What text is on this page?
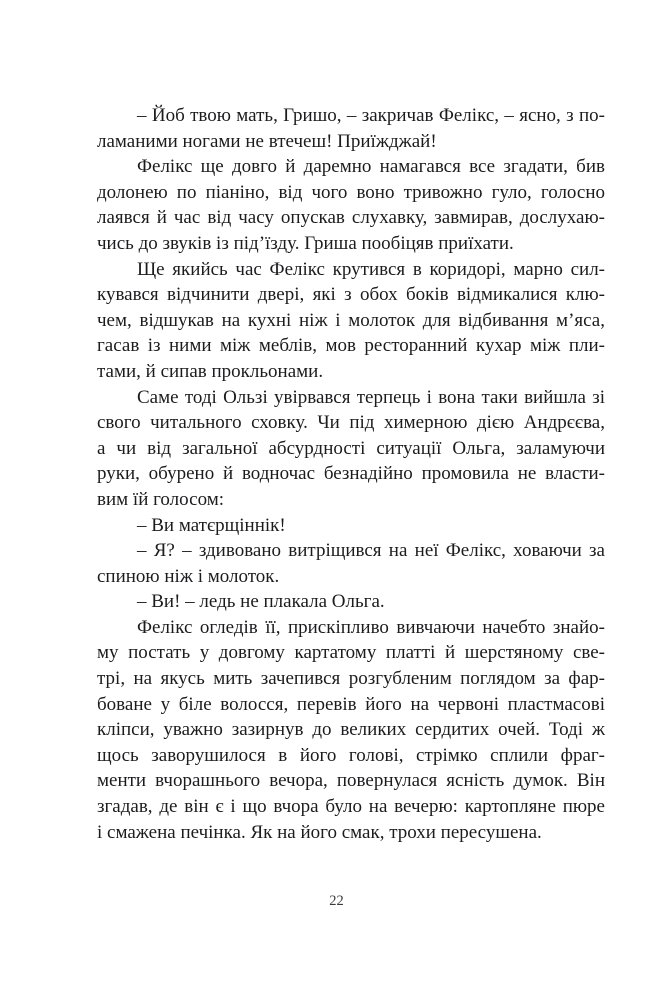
– Йоб твою мать, Гришо, – закричав Фелікс, – ясно, з по-
ламаними ногами не втечеш! Приїжджай!
Фелікс ще довго й даремно намагався все згадати, бив
долонею по піаніно, від чого воно тривожно гуло, голосно
лаявся й час від часу опускав слухавку, завмирав, дослухаю-
чись до звуків із під’їзду. Гриша пообіцяв приїхати.
Ще якийсь час Фелікс крутився в коридорі, марно сил-
кувався відчинити двері, які з обох боків відмикалися клю-
чем, відшукав на кухні ніж і молоток для відбивання м’яса,
гасав із ними між меблів, мов ресторанний кухар між пли-
тами, й сипав прокльонами.
Саме тоді Ользі увірвався терпець і вона таки вийшла зі
свого читального сховку. Чи під химерною дією Андрєєва,
а чи від загальної абсурдності ситуації Ольга, заламуючи
руки, обурено й водночас безнадійно промовила не власти-
вим їй голосом:
– Ви матєрщіннік!
– Я? – здивовано витріщився на неї Фелікс, ховаючи за
спиною ніж і молоток.
– Ви! – ледь не плакала Ольга.
Фелікс огледів її, прискіпливо вивчаючи начебто знайо-
му постать у довгому картатому платті й шерстяному све-
трі, на якусь мить зачепився розгубленим поглядом за фар-
боване у біле волосся, перевів його на червоні пластмасові
кліпси, уважно зазирнув до великих сердитих очей. Тоді ж
щось заворушилося в його голові, стрімко сплили фраг-
менти вчорашнього вечора, повернулася ясність думок. Він
згадав, де він є і що вчора було на вечерю: картопляне пюре
і смажена печінка. Як на його смак, трохи пересушена.
22
